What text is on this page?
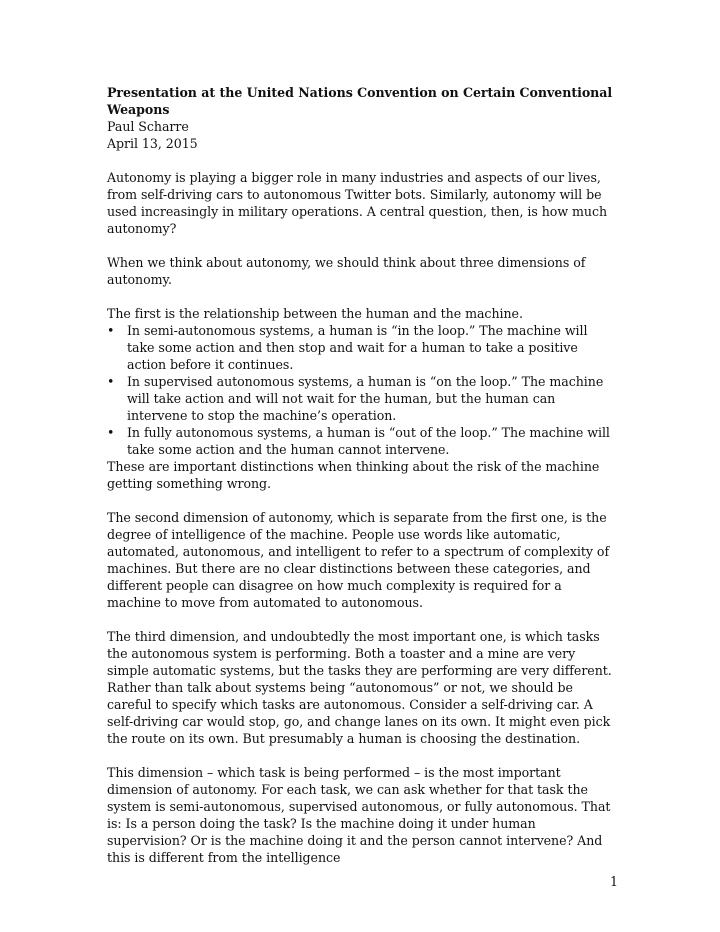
Presentation at the United Nations Convention on Certain Conventional Weapons

Paul Scharre

April 13, 2015

Autonomy is playing a bigger role in many industries and aspects of our lives, from self-driving cars to autonomous Twitter bots. Similarly, autonomy will be used increasingly in military operations. A central question, then, is how much autonomy?

When we think about autonomy, we should think about three dimensions of autonomy.

The first is the relationship between the human and the machine.

•	In semi-autonomous systems, a human is “in the loop.” The machine will take some action and then stop and wait for a human to take a positive action before it continues.
•	In supervised autonomous systems, a human is “on the loop.” The machine will take action and will not wait for the human, but the human can intervene to stop the machine’s operation.
•	In fully autonomous systems, a human is “out of the loop.” The machine will take some action and the human cannot intervene.

These are important distinctions when thinking about the risk of the machine getting something wrong.

The second dimension of autonomy, which is separate from the first one, is the degree of intelligence of the machine. People use words like automatic, automated, autonomous, and intelligent to refer to a spectrum of complexity of machines. But there are no clear distinctions between these categories, and different people can disagree on how much complexity is required for a machine to move from automated to autonomous.

The third dimension, and undoubtedly the most important one, is which tasks the autonomous system is performing. Both a toaster and a mine are very simple automatic systems, but the tasks they are performing are very different. Rather than talk about systems being “autonomous” or not, we should be careful to specify which tasks are autonomous. Consider a self-driving car. A self-driving car would stop, go, and change lanes on its own. It might even pick the route on its own. But presumably a human is choosing the destination.

This dimension – which task is being performed – is the most important dimension of autonomy. For each task, we can ask whether for that task the system is semi-autonomous, supervised autonomous, or fully autonomous. That is: Is a person doing the task? Is the machine doing it under human supervision? Or is the machine doing it and the person cannot intervene? And this is different from the intelligence

1
